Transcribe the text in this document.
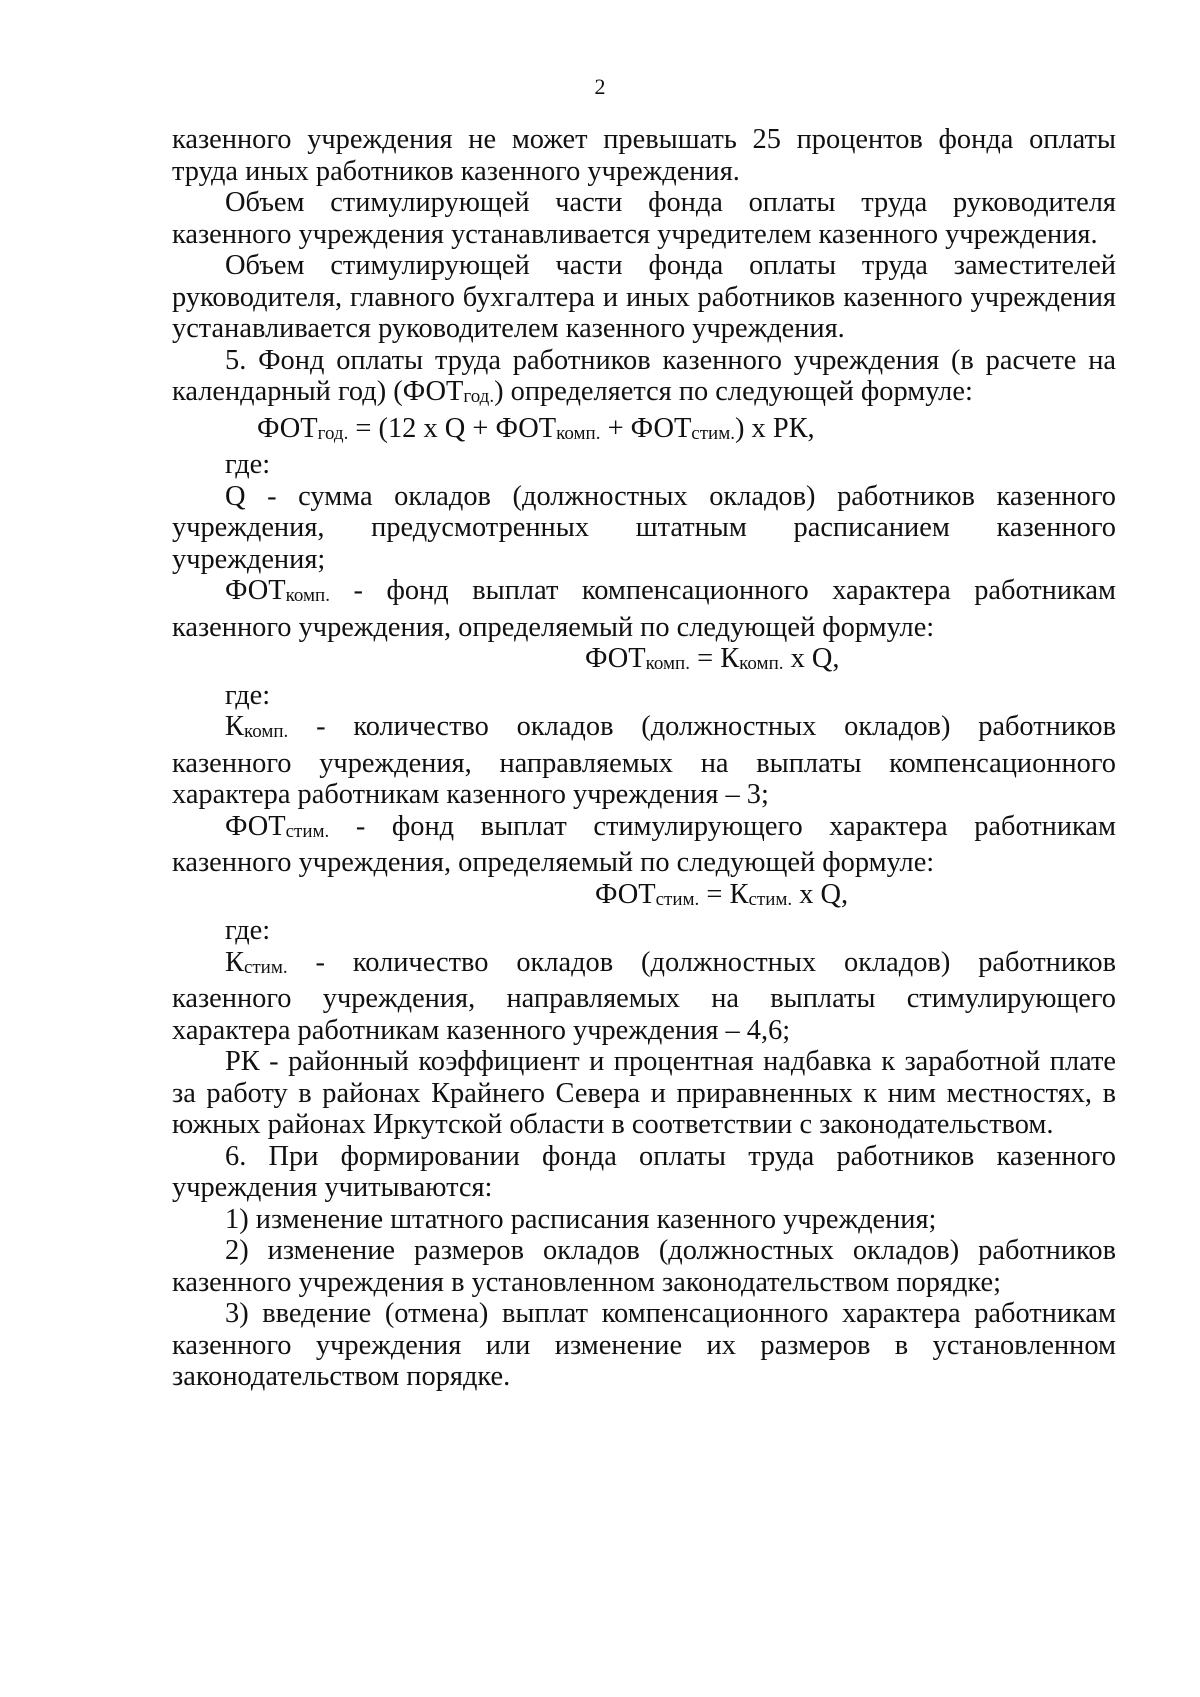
2

казенного учреждения не может превышать 25 процентов фонда оплаты труда иных работников казенного учреждения.

Объем стимулирующей части фонда оплаты труда руководителя казенного учреждения устанавливается учредителем казенного учреждения.

Объем стимулирующей части фонда оплаты труда заместителей руководителя, главного бухгалтера и иных работников казенного учреждения устанавливается руководителем казенного учреждения.

5. Фонд оплаты труда работников казенного учреждения (в расчете на календарный год) (ФОТгод.) определяется по следующей формуле:

ФОТгод. = (12 x Q + ФОТкомп. + ФОТстим.) x РК,

где:

Q - сумма окладов (должностных окладов) работников казенного учреждения, предусмотренных штатным расписанием казенного учреждения;

ФОТкомп. - фонд выплат компенсационного характера работникам казенного учреждения, определяемый по следующей формуле:

ФОТкомп. = Ккомп. x Q,

где:

Ккомп. - количество окладов (должностных окладов) работников казенного учреждения, направляемых на выплаты компенсационного характера работникам казенного учреждения – 3;

ФОТстим. - фонд выплат стимулирующего характера работникам казенного учреждения, определяемый по следующей формуле:

ФОТстим. = Кстим. x Q,

где:

Кстим. - количество окладов (должностных окладов) работников казенного учреждения, направляемых на выплаты стимулирующего характера работникам казенного учреждения – 4,6;

РК - районный коэффициент и процентная надбавка к заработной плате за работу в районах Крайнего Севера и приравненных к ним местностях, в южных районах Иркутской области в соответствии с законодательством.

6. При формировании фонда оплаты труда работников казенного учреждения учитываются:

1) изменение штатного расписания казенного учреждения;

2) изменение размеров окладов (должностных окладов) работников казенного учреждения в установленном законодательством порядке;

3) введение (отмена) выплат компенсационного характера работникам казенного учреждения или изменение их размеров в установленном законодательством порядке.
